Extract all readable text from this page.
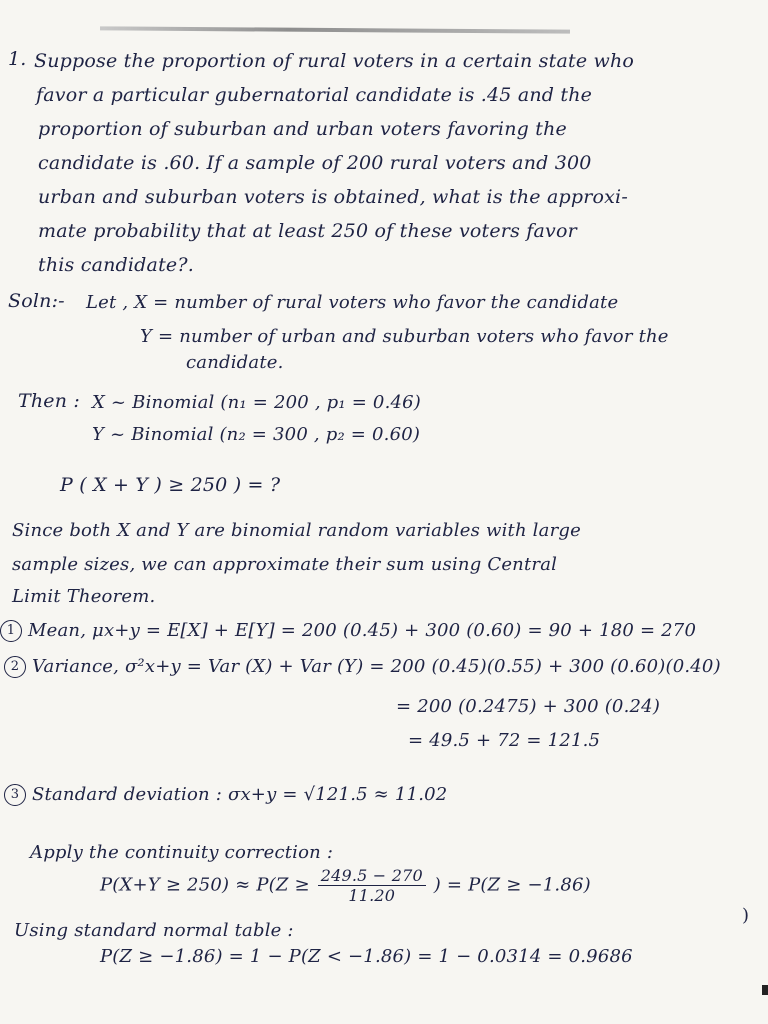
1. Suppose the proportion of rural voters in a certain state who
favor a particular gubernatorial candidate is .45 and the
proportion of suburban and urban voters favoring the
candidate is .60. If a sample of 200 rural voters and 300
urban and suburban voters is obtained, what is the approxi-
mate probability that at least 250 of these voters favor
this candidate?.
Soln:- Let , X = number of rural voters who favor the candidate
Y = number of urban and suburban voters who favor the
candidate.
Then : X ~ Binomial (n₁ = 200 , p₁ = 0.46)
Y ~ Binomial (n₂ = 300 , p₂ = 0.60)
P ( X + Y ) ≥ 250 ) = ?
Since both X and Y are binomial random variables with large
sample sizes, we can approximate their sum using Central
Limit Theorem.
1 Mean, μx+y = E[X] + E[Y] = 200 (0.45) + 300 (0.60) = 90 + 180 = 270
2 Variance, σ²x+y = Var (X) + Var (Y) = 200 (0.45)(0.55) + 300 (0.60)(0.40)
= 200 (0.2475) + 300 (0.24)
= 49.5 + 72 = 121.5
3 Standard deviation : σx+y = √121.5 ≈ 11.02
Apply the continuity correction :
$P(X+Y \ge 250) \approx P(Z \ge \frac{249.5 - 270}{11.20}$ ) = P(Z ≥ −1.86)
Using standard normal table :
P(Z ≥ −1.86) = 1 − P(Z < −1.86) = 1 − 0.0314 = 0.9686
)
